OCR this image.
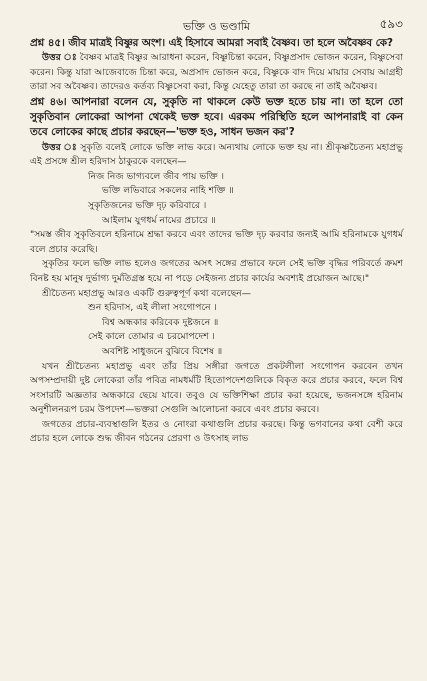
ভক্তি ও ভণ্ডামি	৫৯৩

প্রশ্ন ৪৫। জীব মাত্রই বিষ্ণুর অংশ। এই হিসাবে আমরা সবাই বৈষ্ণব। তা হলে অবৈষ্ণব কে?

উত্তর ঃ বৈষ্ণব মাত্রই বিষ্ণুর আরাধনা করেন, বিষ্ণুচিন্তা করেন, বিষ্ণুপ্রসাদ ভোজন করেন, বিষ্ণুসেবা করেন। কিন্তু যারা আজেবাজে চিন্তা করে, অপ্রসাদ ভোজন করে, বিষ্ণুকে বাদ দিয়ে মায়ার সেবায় আগ্রহী তারা সব অবৈষ্ণব। তাদেরও কর্তব্য বিষ্ণুসেবা করা, কিন্তু যেহেতু তারা তা করছে না তাই অবৈষ্ণব।

প্রশ্ন ৪৬। আপনারা বলেন যে, সুকৃতি না থাকলে কেউ ভক্ত হতে চায় না। তা হলে তো সুকৃতিবান লোকেরা আপনা থেকেই ভক্ত হবে। এরকম পরিস্থিতি হলে আপনারাই বা কেন তবে লোকের কাছে প্রচার করছেন—'ভক্ত হও, সাধন ভজন কর'?

উত্তর ঃ সুকৃতি বলেই লোকে ভক্তি লাভ করে। অন্যথায় লোকে ভক্ত হয় না। শ্রীকৃষ্ণচৈতন্য মহাপ্রভু এই প্রসঙ্গে শ্রীল হরিদাস ঠাকুরকে বলছেন—

নিজ নিজ ভাগ্যবলে জীব পায় ভক্তি ।

ভক্তি লভিবারে সকলের নাহি শক্তি ॥

সুকৃতিজনের ভক্তি দৃঢ় করিবারে ।

আইলাম যুগধর্ম নামের প্রচারে ॥

"সমস্ত জীব সুকৃতিবলে হরিনামে শ্রদ্ধা করবে এবং তাদের ভক্তি দৃঢ় করবার জন্যই আমি হরিনামকে যুগধর্ম বলে প্রচার করেছি।

সুকৃতির ফলে ভক্তি লাভ হলেও জগতের অসৎ সঙ্গের প্রভাবে ফলে সেই ভক্তি বৃদ্ধির পরিবর্তে ক্রমশ বিনষ্ট হয় মানুষ দুর্ভাগ্য দুর্মতিগ্রস্ত হয়ে না পড়ে সেইজন্য প্রচার কার্যের অবশ্যই প্রয়োজন আছে।"

শ্রীচৈতন্য মহাপ্রভু আরও একটি গুরুত্বপূর্ণ কথা বলেছেন—

শুন হরিদাস, এই লীলা সংগোপনে ।

বিশ্ব অন্ধকার করিবেক দুষ্টজনে ॥

সেই কালে তোমার এ চরমোপদেশ ।

অবশিষ্ট সাধুজনে বুঝিবে বিশেষ ॥

যখন শ্রীচৈতন্য মহাপ্রভু এবং তাঁর প্রিয় সঙ্গীরা জগতে প্রকটলীলা সংগোপন করবেন তখন অপসম্প্রদায়ী দুষ্ট লোকেরা তাঁর পবিত্র নামধর্মটি হিতোপদেশগুলিকে বিকৃত করে প্রচার করবে, ফলে বিশ্ব সংসারটি অজ্ঞতার অন্ধকারে ছেয়ে যাবে। তবুও যে ভক্তিশিক্ষা প্রচার করা হয়েছে, ভজনসঙ্গে হরিনাম অনুশীলনরূপ চরম উপদেশ—ভক্তরা সেগুলি আলোচনা করবে এবং প্রচার করবে।

জগতের প্রচার-ব্যবস্থাগুলি ইতর ও নোংরা কথাগুলি প্রচার করছে। কিন্তু ভগবানের কথা বেশী করে প্রচার হলে লোকে শুদ্ধ জীবন গঠনের প্রেরণা ও উৎসাহ লাভ
